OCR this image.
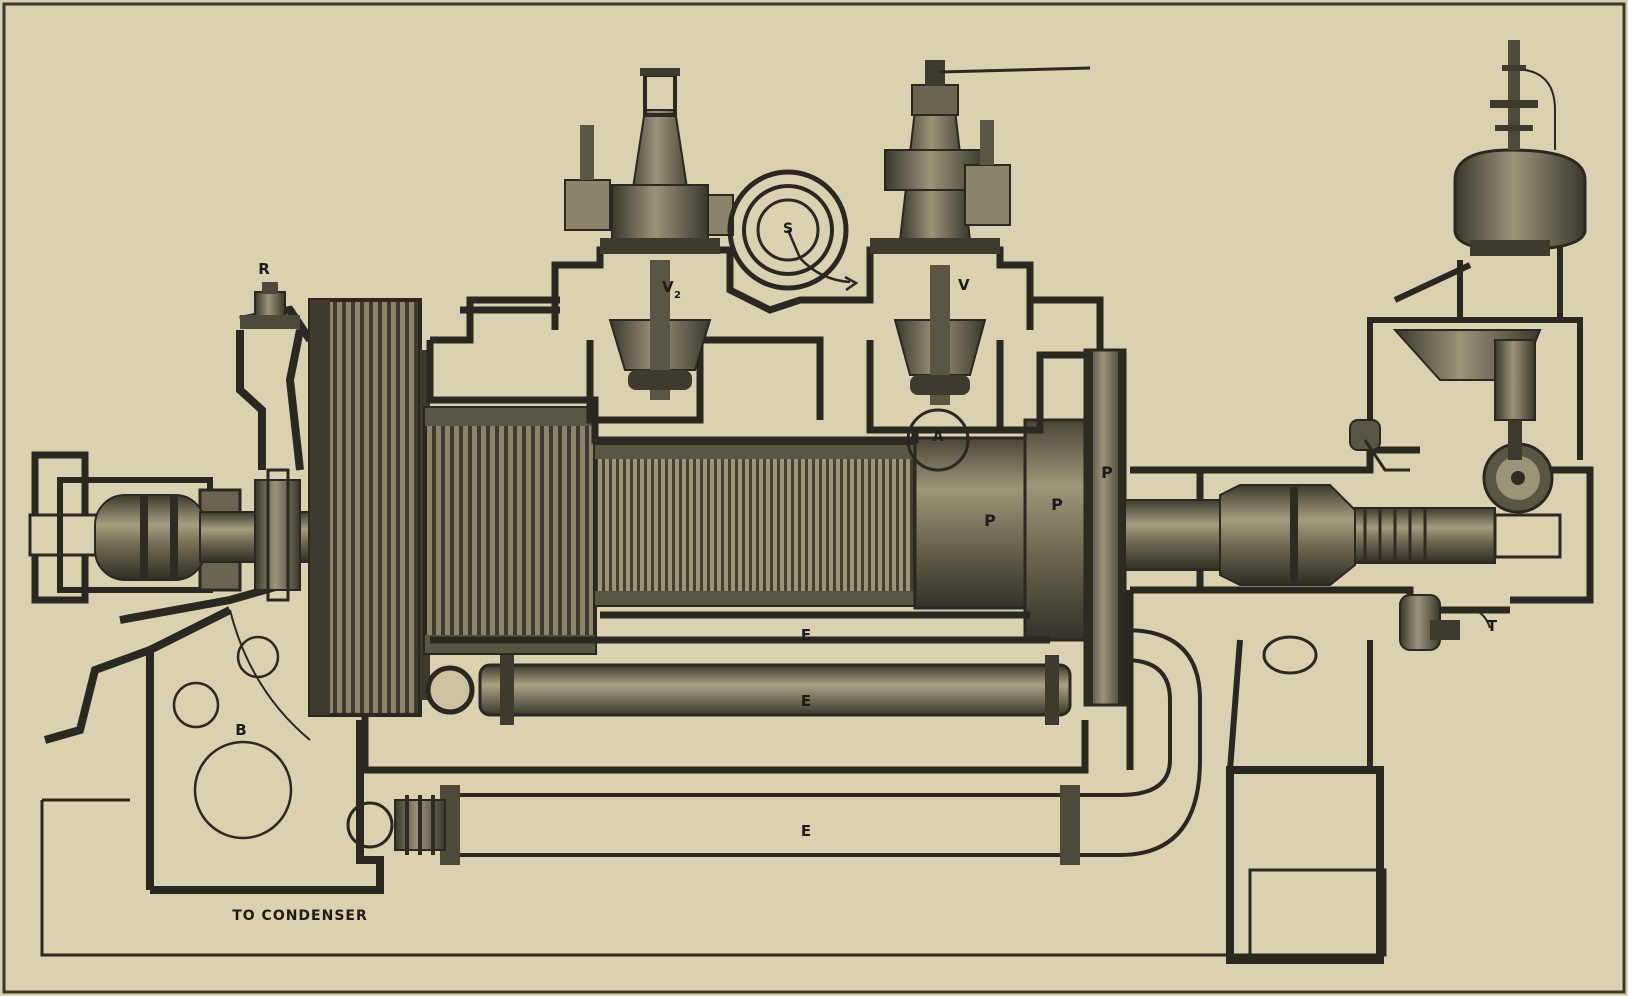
R
V 2
S
V
A
P
P
P
E
E
E
B
T
TO CONDENSER
